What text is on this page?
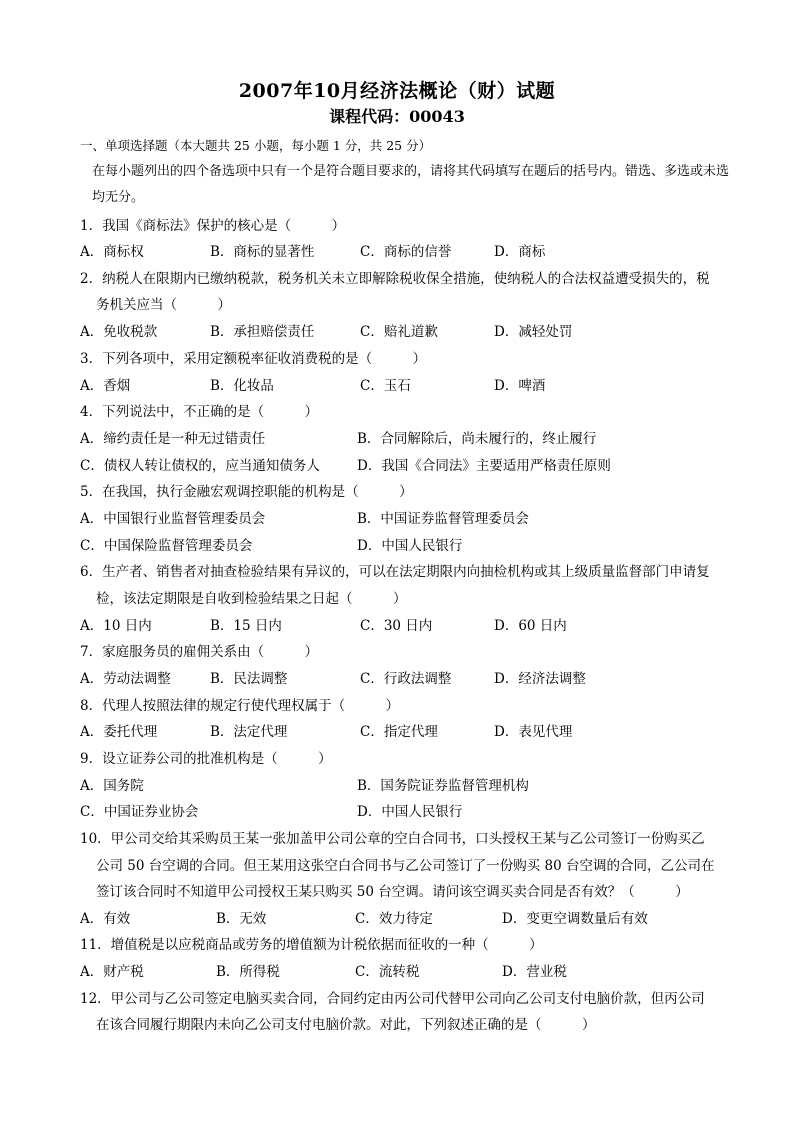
2007年10月经济法概论（财）试题
课程代码：00043
一、单项选择题（本大题共 25 小题，每小题 1 分，共 25 分）
在每小题列出的四个备选项中只有一个是符合题目要求的，请将其代码填写在题后的括号内。错选、多选或未选均无分。
1．我国《商标法》保护的核心是（　　　）
A．商标权	B．商标的显著性	C．商标的信誉	D．商标
2．纳税人在限期内已缴纳税款，税务机关未立即解除税收保全措施，使纳税人的合法权益遭受损失的，税
务机关应当（　　　）
A．免收税款	B．承担赔偿责任	C．赔礼道歉	D．减轻处罚
3．下列各项中，采用定额税率征收消费税的是（　　　）
A．香烟	B．化妆品	C．玉石	D．啤酒
4．下列说法中，不正确的是（　　　）
A．缔约责任是一种无过错责任	B．合同解除后，尚未履行的，终止履行
C．债权人转让债权的，应当通知债务人	D．我国《合同法》主要适用严格责任原则
5．在我国，执行金融宏观调控职能的机构是（　　　）
A．中国银行业监督管理委员会	B．中国证券监督管理委员会
C．中国保险监督管理委员会	D．中国人民银行
6．生产者、销售者对抽查检验结果有异议的，可以在法定期限内向抽检机构或其上级质量监督部门申请复
检，该法定期限是自收到检验结果之日起（　　　）
A．10 日内	B．15 日内	C．30 日内	D．60 日内
7．家庭服务员的雇佣关系由（　　　）
A．劳动法调整	B．民法调整	C．行政法调整	D．经济法调整
8．代理人按照法律的规定行使代理权属于（　　　）
A．委托代理	B．法定代理	C．指定代理	D．表见代理
9．设立证券公司的批准机构是（　　　）
A．国务院	B．国务院证券监督管理机构
C．中国证券业协会	D．中国人民银行
10．甲公司交给其采购员王某一张加盖甲公司公章的空白合同书，口头授权王某与乙公司签订一份购买乙
公司 50 台空调的合同。但王某用这张空白合同书与乙公司签订了一份购买 80 台空调的合同，乙公司在
签订该合同时不知道甲公司授权王某只购买 50 台空调。请问该空调买卖合同是否有效？（　　　）
A．有效	B．无效	C．效力待定	D．变更空调数量后有效
11．增值税是以应税商品或劳务的增值额为计税依据而征收的一种（　　　）
A．财产税	B．所得税	C．流转税	D．营业税
12．甲公司与乙公司签定电脑买卖合同，合同约定由丙公司代替甲公司向乙公司支付电脑价款，但丙公司
在该合同履行期限内未向乙公司支付电脑价款。对此，下列叙述正确的是（　　　）
